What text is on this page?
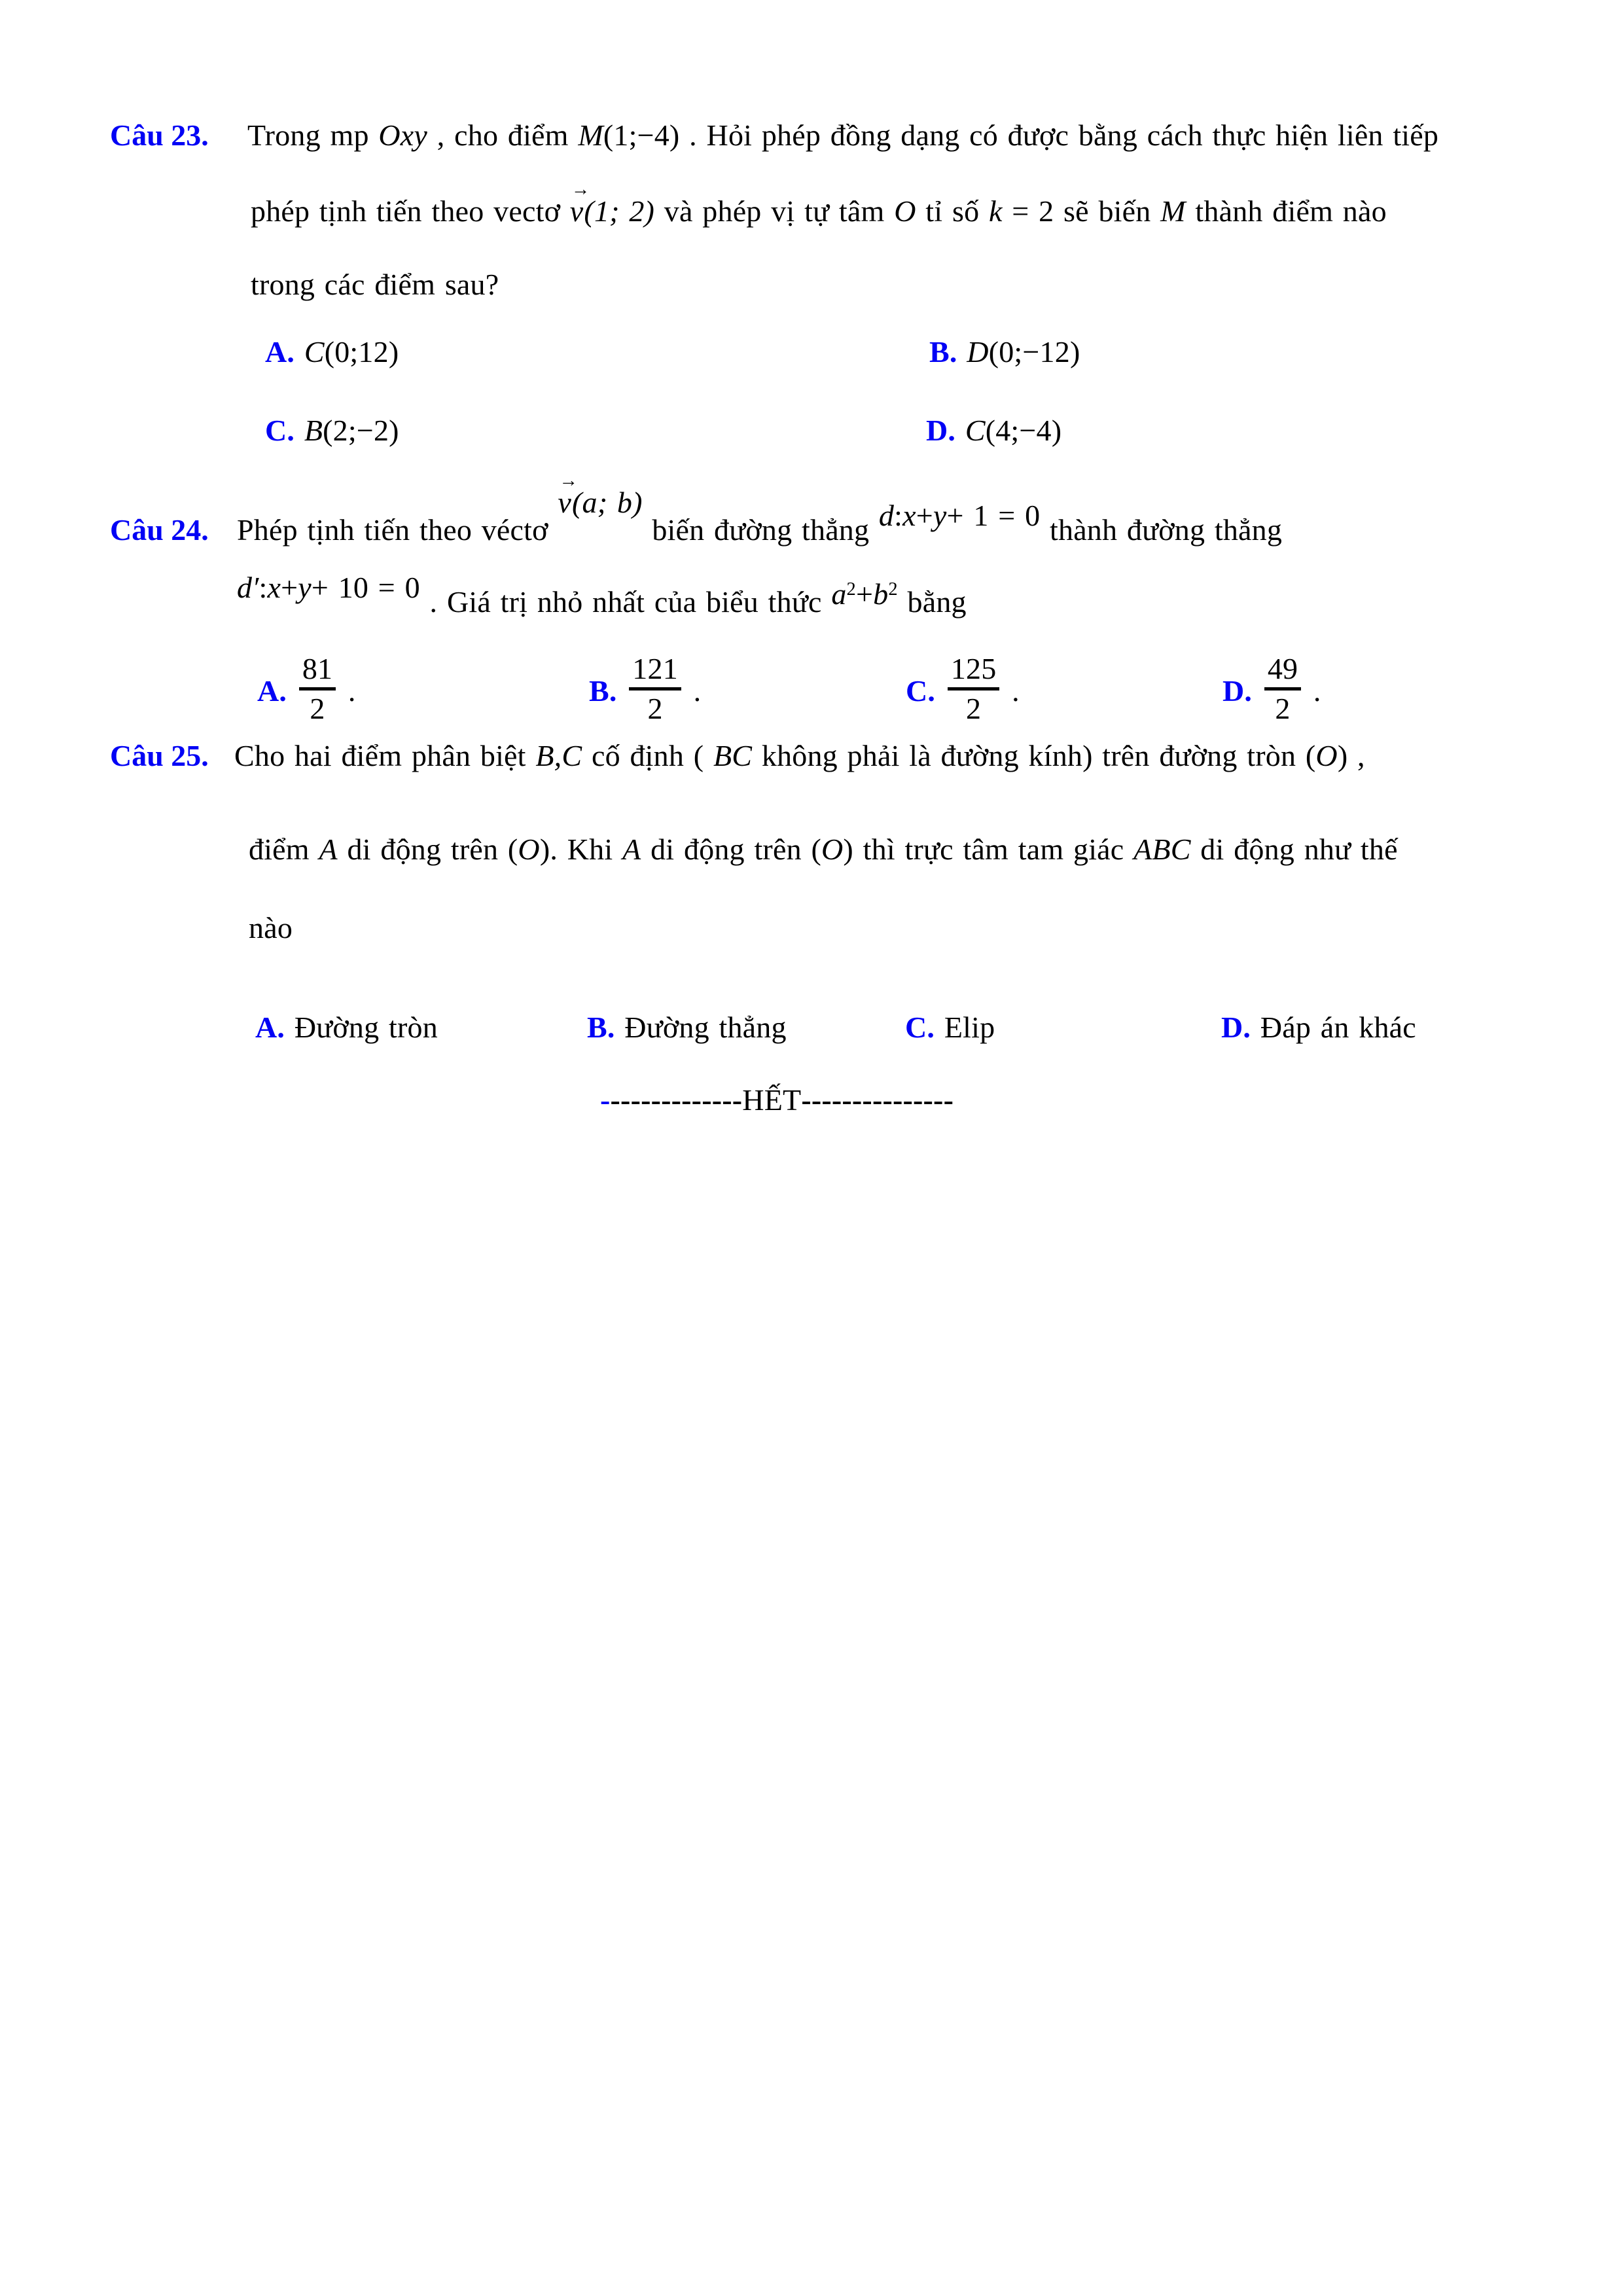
Câu 23. Trong mp Oxy , cho điểm M(1;−4) . Hỏi phép đồng dạng có được bằng cách thực hiện liên tiếp
phép tịnh tiến theo vectơ v
→
(1; 2) và phép vị tự tâm O tỉ số k = 2 sẽ biến M thành điểm nào
trong các điểm sau?
A. C(0;12)	B. D(0;−12)
C. B(2;−2)	D. C(4;−4)
Câu 24. Phép tịnh tiến theo véctơ v
→
(a; b) biến đường thẳng d:x+y+ 1 = 0 thành đường thẳng
d′:x+y+ 10 = 0 . Giá trị nhỏ nhất của biểu thức $a^2+b^2$ bằng
A. $\frac{81}{2}$ .	B. $\frac{121}{2}$ .	C. $\frac{125}{2}$ .	D. $\frac{49}{2}$ .
Câu 25. Cho hai điểm phân biệt B,C cố định ( BC không phải là đường kính) trên đường tròn (O) ,
điểm A di động trên (O). Khi A di động trên (O) thì trực tâm tam giác ABC di động như thế
nào
A. Đường tròn	B. Đường thẳng	C. Elip	D. Đáp án khác
--------------HẾT---------------
